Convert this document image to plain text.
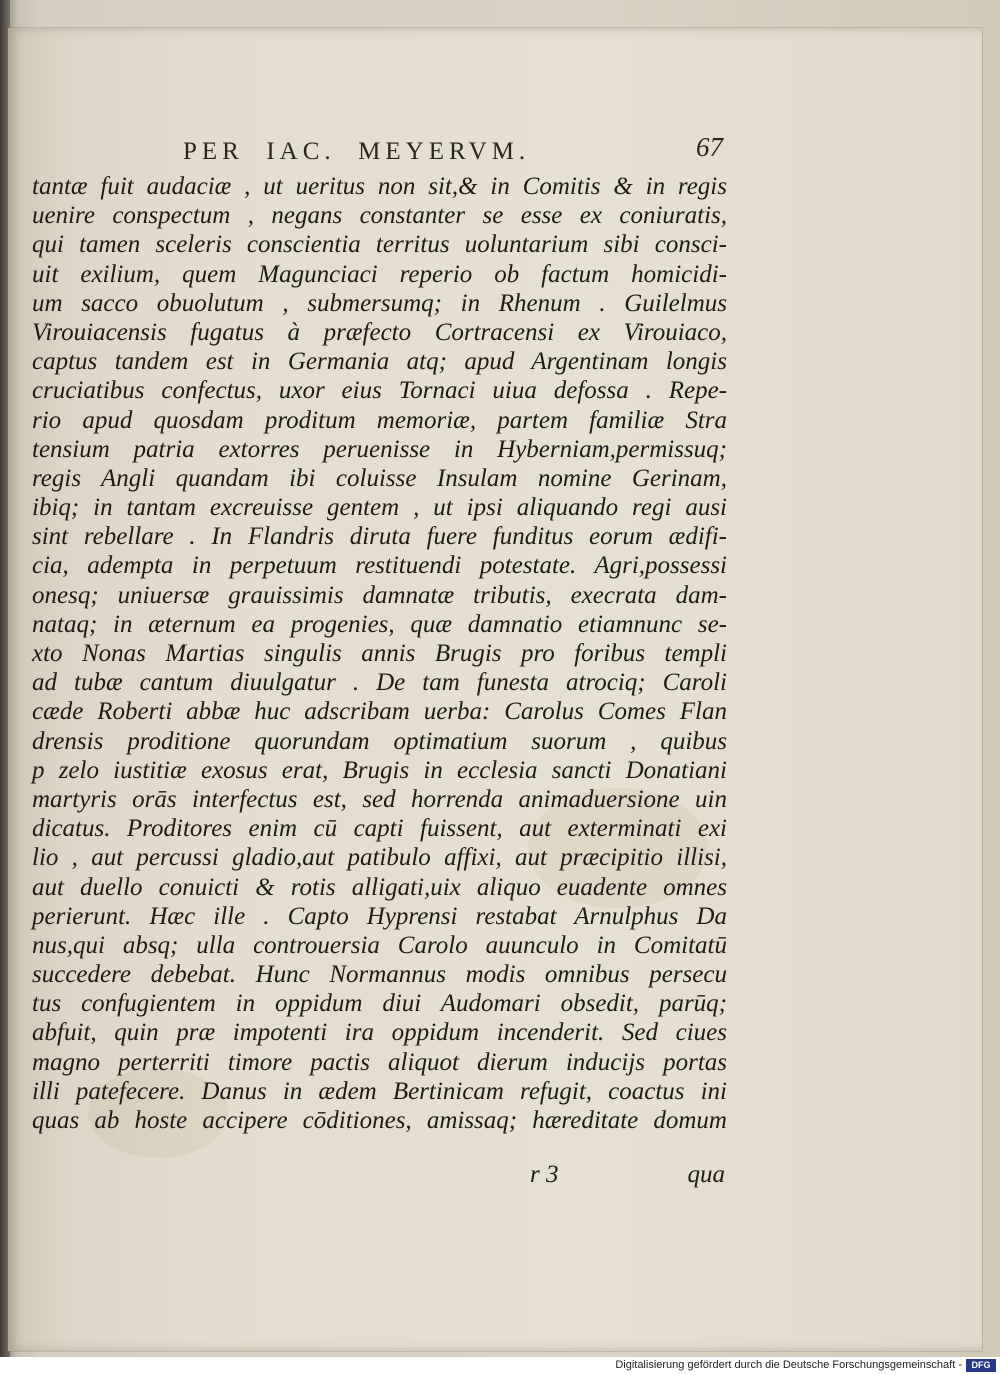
PER  IAC.  MEYERVM.	67
tantæ fuit audaciæ , ut ueritus non sit,& in Comitis & in regis
uenire conspectum , negans constanter se esse ex coniuratis,
qui tamen sceleris conscientia territus uoluntarium sibi consci-
uit exilium, quem Maguncіaci reperio ob factum homicidi-
um sacco obuolutum , submersumq; in Rhenum . Guilelmus
Virouiacensis fugatus à præfecto Cortracensi ex Virouiaco,
captus tandem est in Germania atq; apud Argentinam longis
cruciatibus confectus, uxor eius Tornaci uiua defossa . Repe-
rio apud quosdam proditum memoriæ, partem familiæ Stra
tensium patria extorres peruenisse in Hyberniam,permissuq;
regis Angli quandam ibi coluisse Insulam nomine Gerinam,
ibiq; in tantam excreuisse gentem , ut ipsi aliquando regi ausi
sint rebellare . In Flandris diruta fuere funditus eorum ædifi-
cia, adempta in perpetuum restituendi potestate. Agri,possessi
onesq; uniuersæ grauissimis damnatæ tributis, execrata dam-
nataq; in æternum ea progenies, quæ damnatio etiamnunc se-
xto Nonas Martias singulis annis Brugis pro foribus templi
ad tubæ cantum diuulgatur . De tam funesta atrociq; Caroli
cæde Roberti abbæ huc adscribam uerba: Carolus Comes Flan
drensis proditione quorundam optimatium suorum , quibus
p zelo iustitiæ exosus erat, Brugis in ecclesia sancti Donatiani
martyris orās interfectus est, sed horrenda animaduersione uin
dicatus. Proditores enim cū capti fuissent, aut exterminati exi
lio , aut percussi gladio,aut patibulo affixi, aut præcipitio illisi,
aut duello conuicti & rotis alligati,uix aliquo euadente omnes
perierunt. Hæc ille . Capto Hyprensi restabat Arnulphus Da
nus,qui absq; ulla controuersia Carolo auunculo in Comitatū
succedere debebat. Hunc Normannus modis omnibus persecu
tus confugientem in oppidum diui Audomari obsedit, parūq;
abfuit, quin præ impotenti ira oppidum incenderit. Sed ciues
magno perterriti timore pactis aliquot dierum inducijs portas
illi patefecere. Danus in ædem Bertinicam refugit, coactus ini
quas ab hoste accipere cōditiones, amissaq; hæreditate domum
r 3	qua
Digitalisierung gefördert durch die Deutsche Forschungsgemeinschaft -	DFG
